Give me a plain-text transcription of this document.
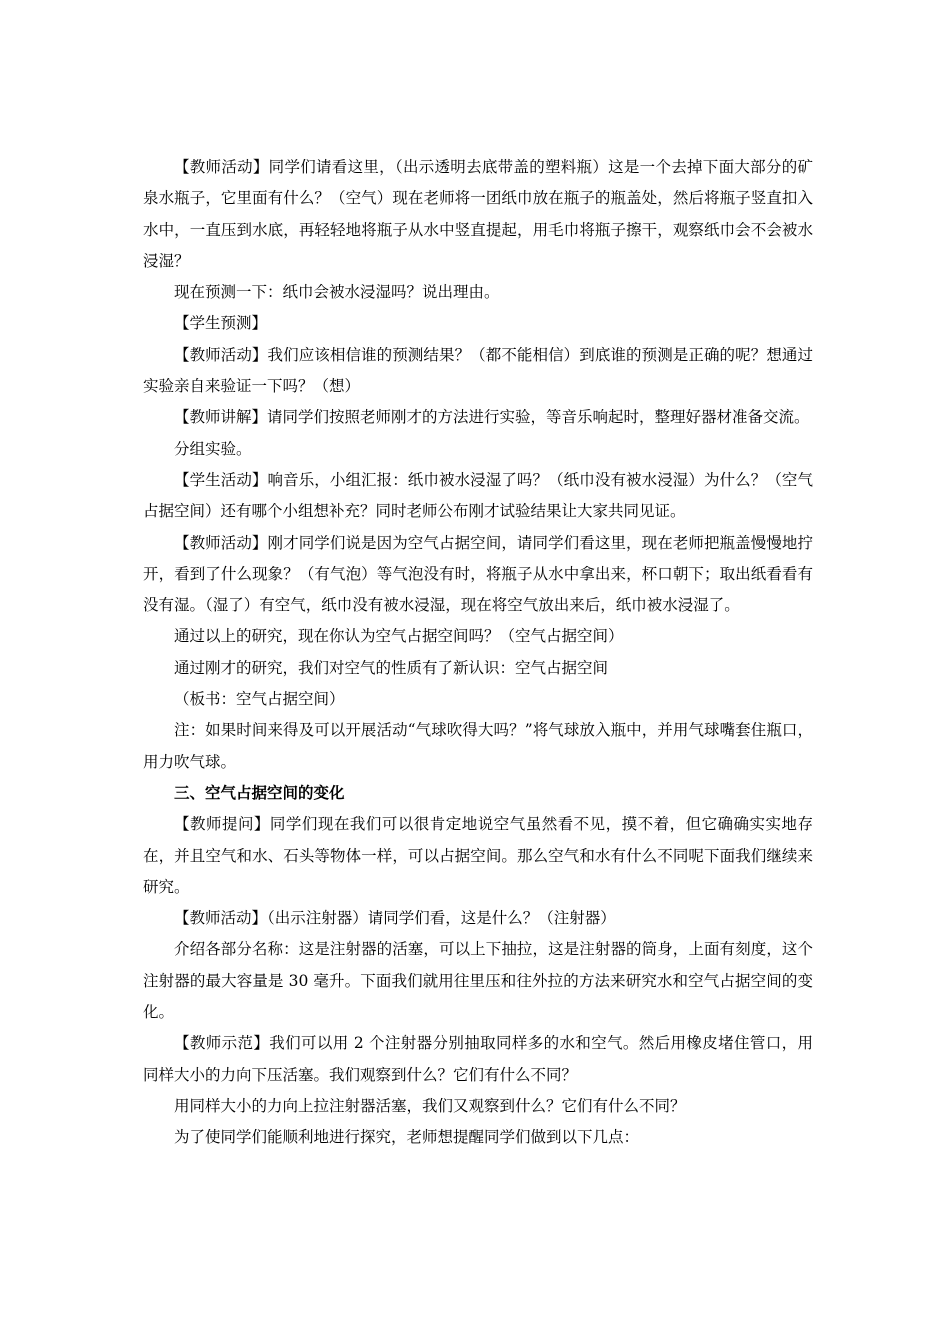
【教师活动】同学们请看这里，（出示透明去底带盖的塑料瓶）这是一个去掉下面大部分的矿泉水瓶子，它里面有什么？（空气）现在老师将一团纸巾放在瓶子的瓶盖处，然后将瓶子竖直扣入水中，一直压到水底，再轻轻地将瓶子从水中竖直提起，用毛巾将瓶子擦干，观察纸巾会不会被水浸湿？

现在预测一下：纸巾会被水浸湿吗？说出理由。

【学生预测】

【教师活动】我们应该相信谁的预测结果？（都不能相信）到底谁的预测是正确的呢？想通过实验亲自来验证一下吗？（想）

【教师讲解】请同学们按照老师刚才的方法进行实验，等音乐响起时，整理好器材准备交流。

分组实验。

【学生活动】响音乐，小组汇报：纸巾被水浸湿了吗？（纸巾没有被水浸湿）为什么？（空气占据空间）还有哪个小组想补充？同时老师公布刚才试验结果让大家共同见证。

【教师活动】刚才同学们说是因为空气占据空间，请同学们看这里，现在老师把瓶盖慢慢地拧开，看到了什么现象？（有气泡）等气泡没有时，将瓶子从水中拿出来，杯口朝下；取出纸看看有没有湿。（湿了）有空气，纸巾没有被水浸湿，现在将空气放出来后，纸巾被水浸湿了。

通过以上的研究，现在你认为空气占据空间吗？（空气占据空间）

通过刚才的研究，我们对空气的性质有了新认识：空气占据空间

（板书：空气占据空间）

注：如果时间来得及可以开展活动“气球吹得大吗？”将气球放入瓶中，并用气球嘴套住瓶口，用力吹气球。

三、空气占据空间的变化

【教师提问】同学们现在我们可以很肯定地说空气虽然看不见，摸不着，但它确确实实地存在，并且空气和水、石头等物体一样，可以占据空间。那么空气和水有什么不同呢下面我们继续来研究。

【教师活动】（出示注射器）请同学们看，这是什么？（注射器）

介绍各部分名称：这是注射器的活塞，可以上下抽拉，这是注射器的筒身，上面有刻度，这个注射器的最大容量是 30 毫升。下面我们就用往里压和往外拉的方法来研究水和空气占据空间的变化。

【教师示范】我们可以用 2 个注射器分别抽取同样多的水和空气。然后用橡皮堵住管口，用同样大小的力向下压活塞。我们观察到什么？它们有什么不同？

用同样大小的力向上拉注射器活塞，我们又观察到什么？它们有什么不同？

为了使同学们能顺利地进行探究，老师想提醒同学们做到以下几点：
